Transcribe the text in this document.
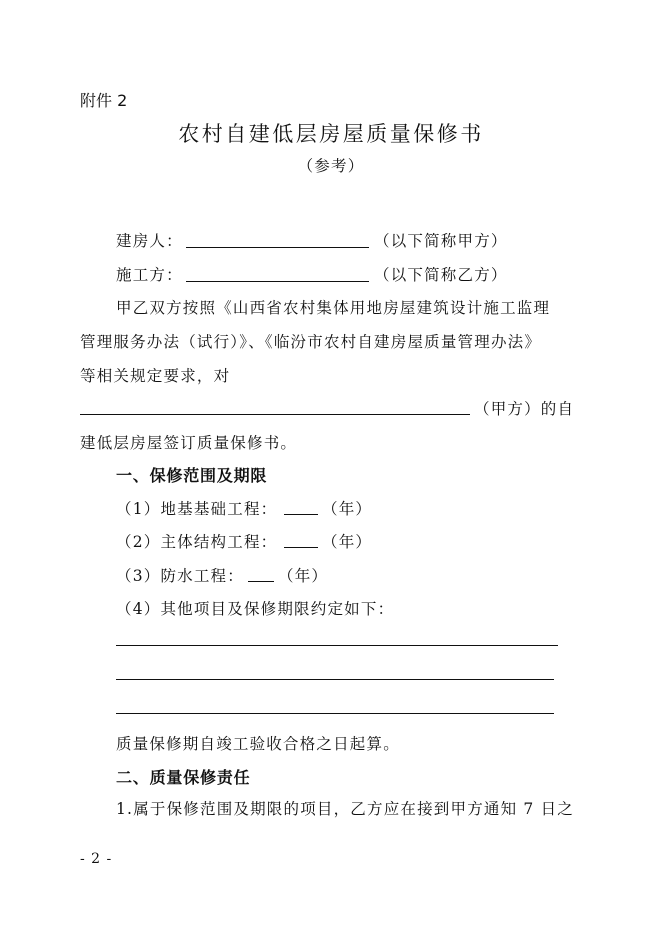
附件 2
农村自建低层房屋质量保修书
（参考）
建房人：	（以下简称甲方）
施工方：	（以下简称乙方）
甲乙双方按照《山西省农村集体用地房屋建筑设计施工监理
管理服务办法（试行）》、《临汾市农村自建房屋质量管理办法》
等相关规定要求，对
（甲方）的自
建低层房屋签订质量保修书。
一、保修范围及期限
（1）地基基础工程：	（年）
（2）主体结构工程：	（年）
（3）防水工程： （年）
（4）其他项目及保修期限约定如下：
质量保修期自竣工验收合格之日起算。
二、质量保修责任
1.属于保修范围及期限的项目，乙方应在接到甲方通知 7 日之
- 2 -
